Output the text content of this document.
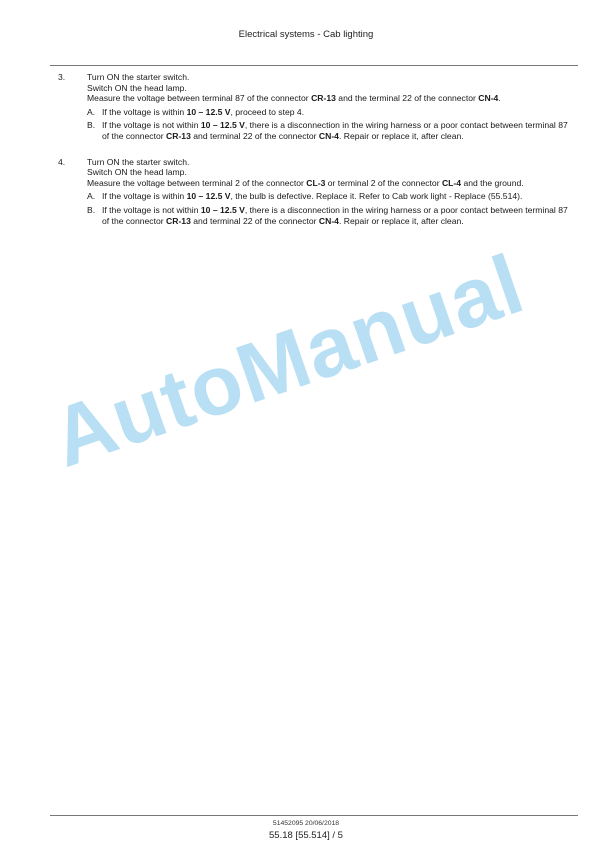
Electrical systems - Cab lighting
3.	Turn ON the starter switch.
Switch ON the head lamp.
Measure the voltage between terminal 87 of the connector CR-13 and the terminal 22 of the connector CN-4.
A. If the voltage is within 10 – 12.5 V, proceed to step 4.
B. If the voltage is not within 10 – 12.5 V, there is a disconnection in the wiring harness or a poor contact between terminal 87 of the connector CR-13 and terminal 22 of the connector CN-4. Repair or replace it, after clean.
4.	Turn ON the starter switch.
Switch ON the head lamp.
Measure the voltage between terminal 2 of the connector CL-3 or terminal 2 of the connector CL-4 and the ground.
A. If the voltage is within 10 – 12.5 V, the bulb is defective. Replace it. Refer to Cab work light - Replace (55.514).
B. If the voltage is not within 10 – 12.5 V, there is a disconnection in the wiring harness or a poor contact between terminal 87 of the connector CR-13 and terminal 22 of the connector CN-4. Repair or replace it, after clean.
AutoManual
51452095 20/06/2018
55.18 [55.514] / 5
